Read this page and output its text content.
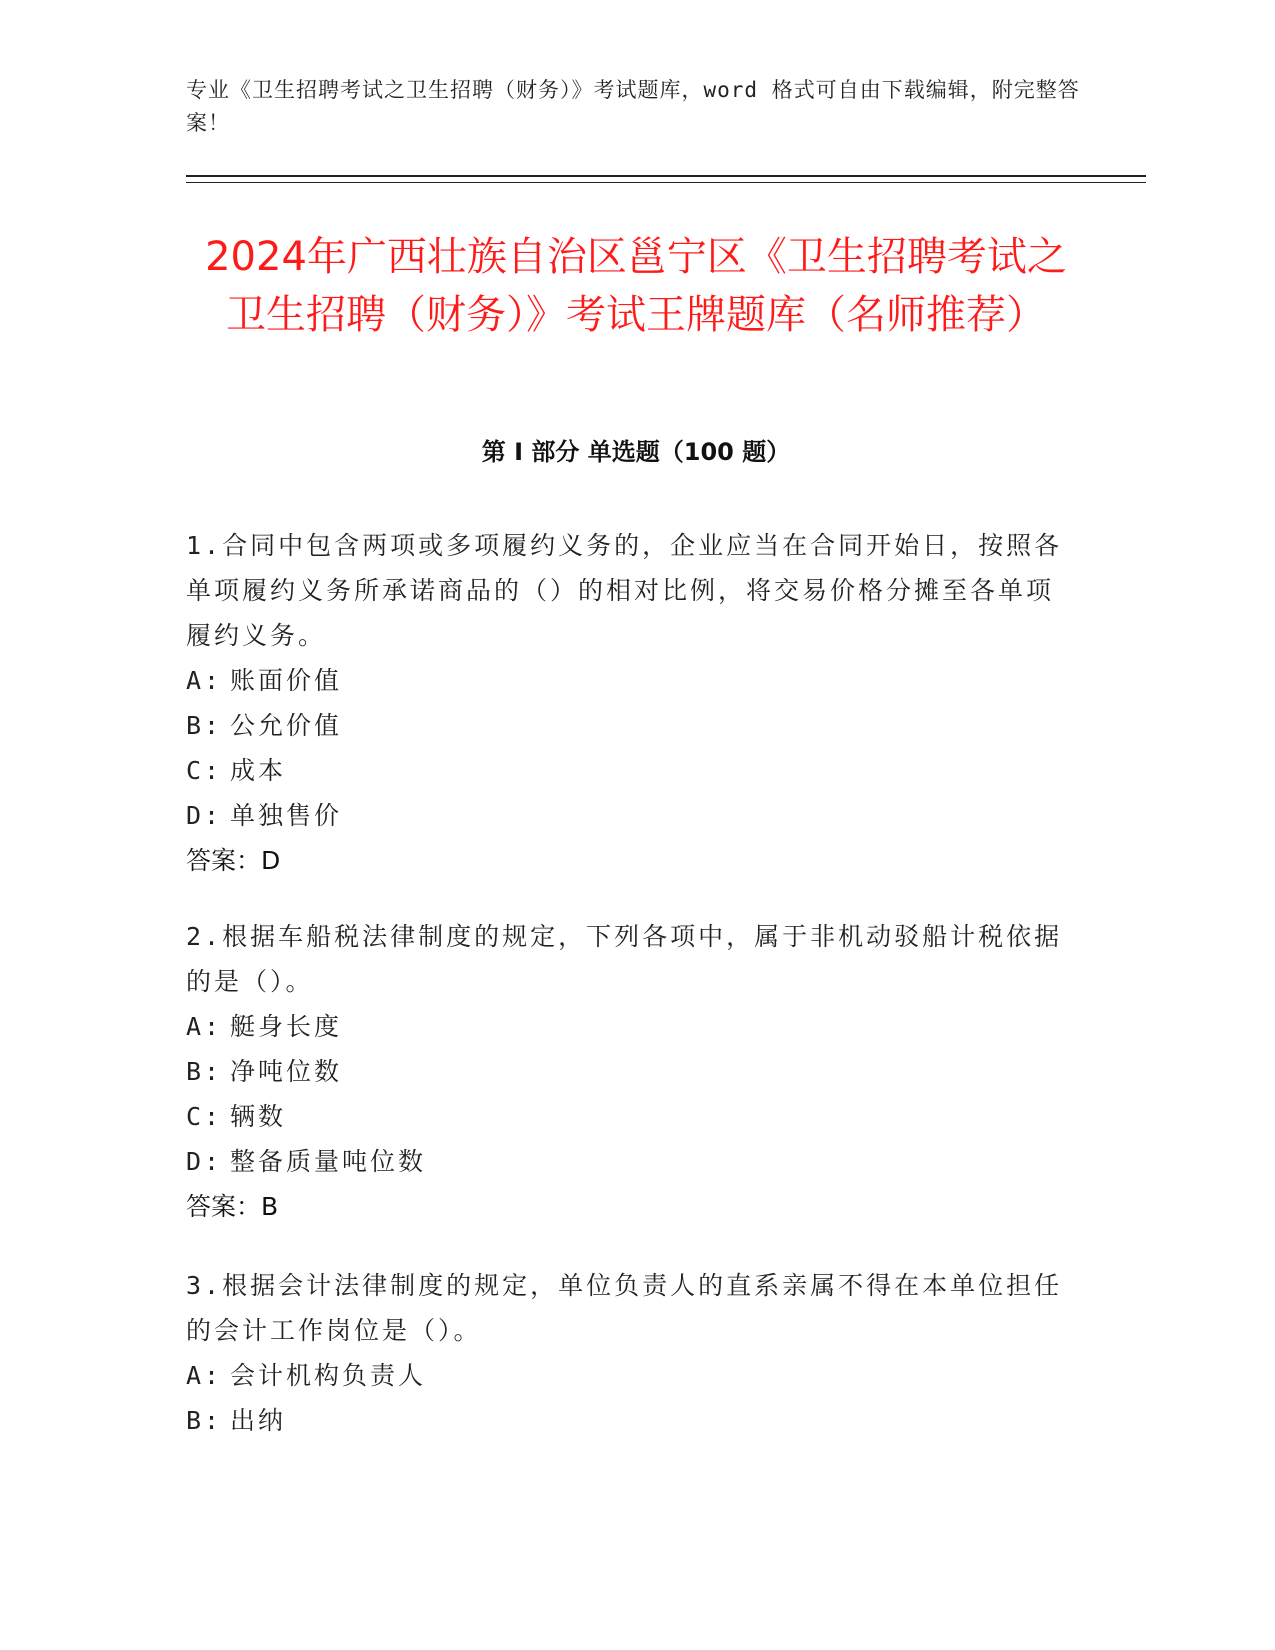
专业《卫生招聘考试之卫生招聘（财务）》考试题库，word 格式可自由下载编辑，附完整答案！
2024年广西壮族自治区邕宁区《卫生招聘考试之卫生招聘（财务）》考试王牌题库（名师推荐）
第 I 部分 单选题（100 题）

1.合同中包含两项或多项履约义务的，企业应当在合同开始日，按照各单项履约义务所承诺商品的（）的相对比例，将交易价格分摊至各单项履约义务。

A: 账面价值

B: 公允价值

C: 成本

D: 单独售价

答案：D

2.根据车船税法律制度的规定，下列各项中，属于非机动驳船计税依据的是（）。

A: 艇身长度

B: 净吨位数

C: 辆数

D: 整备质量吨位数

答案：B

3.根据会计法律制度的规定，单位负责人的直系亲属不得在本单位担任的会计工作岗位是（）。

A: 会计机构负责人

B: 出纳
